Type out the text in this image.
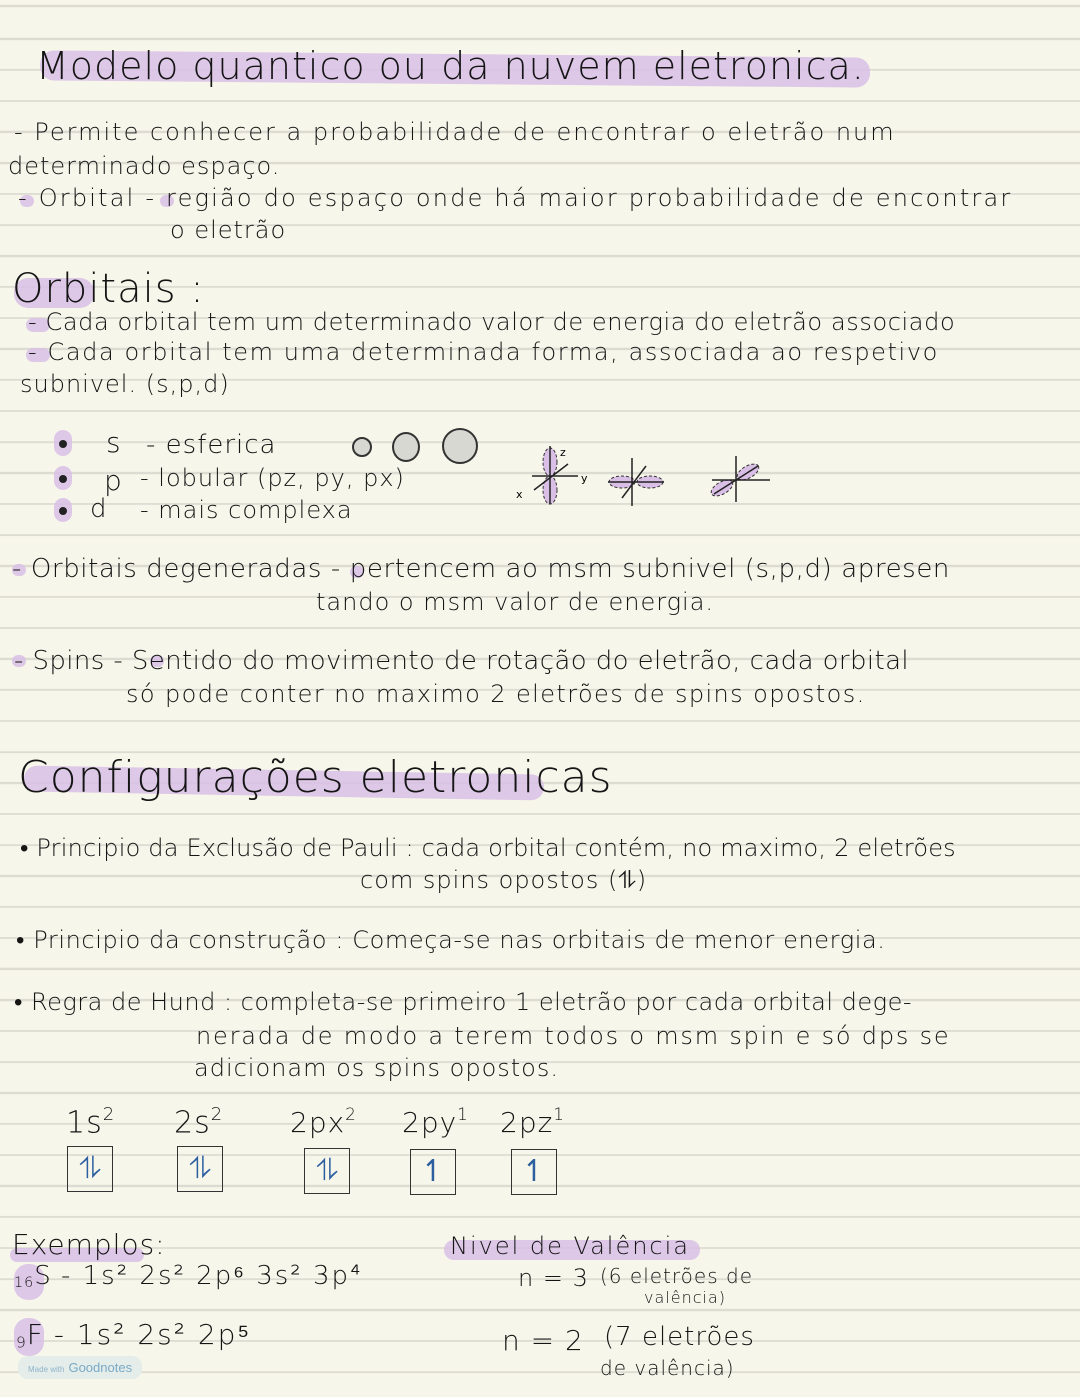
Modelo quantico ou da nuvem eletronica.
- Permite conhecer a probabilidade de encontrar o eletrão num
determinado espaço.
- Orbital - região do espaço onde há maior probabilidade de encontrar
o eletrão
Orbitais :
- Cada orbital tem um determinado valor de energia do eletrão associado
- Cada orbital tem uma determinada forma, associada ao respetivo
subnivel. (s,p,d)
s - esferica
p - lobular (pz, py, px)
d - mais complexa
z
y
x
- Orbitais degeneradas - pertencem ao msm subnivel (s,p,d) apresen
tando o msm valor de energia.
- Spins - Sentido do movimento de rotação do eletrão, cada orbital
só pode conter no maximo 2 eletrões de spins opostos.
Configurações eletronicas
• Principio da Exclusão de Pauli : cada orbital contém, no maximo, 2 eletrões
com spins opostos (⥮)
• Principio da construção : Começa-se nas orbitais de menor energia.
• Regra de Hund : completa-se primeiro 1 eletrão por cada orbital dege-
nerada de modo a terem todos o msm spin e só dps se
adicionam os spins opostos.
$1s^2$
⥮
$2s^2$
⥮
$2px^2$
⥮
$2py^1$
↿
$2pz^1$
↿
Exemplos:
$_{16}$S - 1s² 2s² 2p⁶ 3s² 3p⁴
$_9$F - 1s² 2s² 2p⁵
Nivel de Valência
n = 3 (6 eletrões de
valência)
n = 2 (7 eletrões
de valência)
Made with Goodnotes
